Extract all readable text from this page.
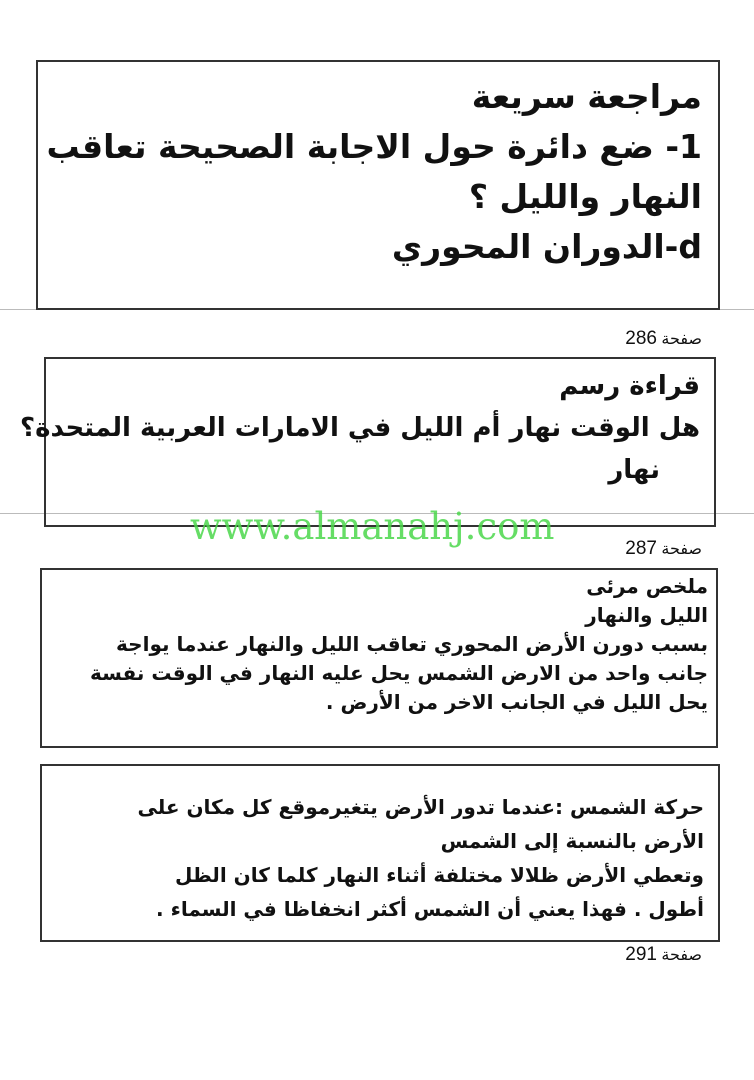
مراجعة سريعة
1- ضع دائرة حول الاجابة الصحيحة تعاقب
النهار والليل ؟
d-الدوران المحوري
صفحة 286
قراءة رسم
هل الوقت نهار أم الليل في الامارات العربية المتحدة؟
نهار
www.almanahj.com
صفحة 287
ملخص مرئى
الليل والنهار
بسبب دورن الأرض المحوري تعاقب الليل والنهار عندما يواجة
جانب واحد من الارض الشمس يحل عليه النهار في الوقت نفسة
يحل الليل في الجانب الاخر من الأرض .
حركة الشمس :عندما تدور الأرض يتغيرموقع كل مكان على
الأرض بالنسبة إلى الشمس
وتعطي الأرض ظلالا مختلفة أثناء النهار كلما كان الظل
أطول . فهذا يعني أن الشمس أكثر انخفاظا في السماء .
صفحة 291
